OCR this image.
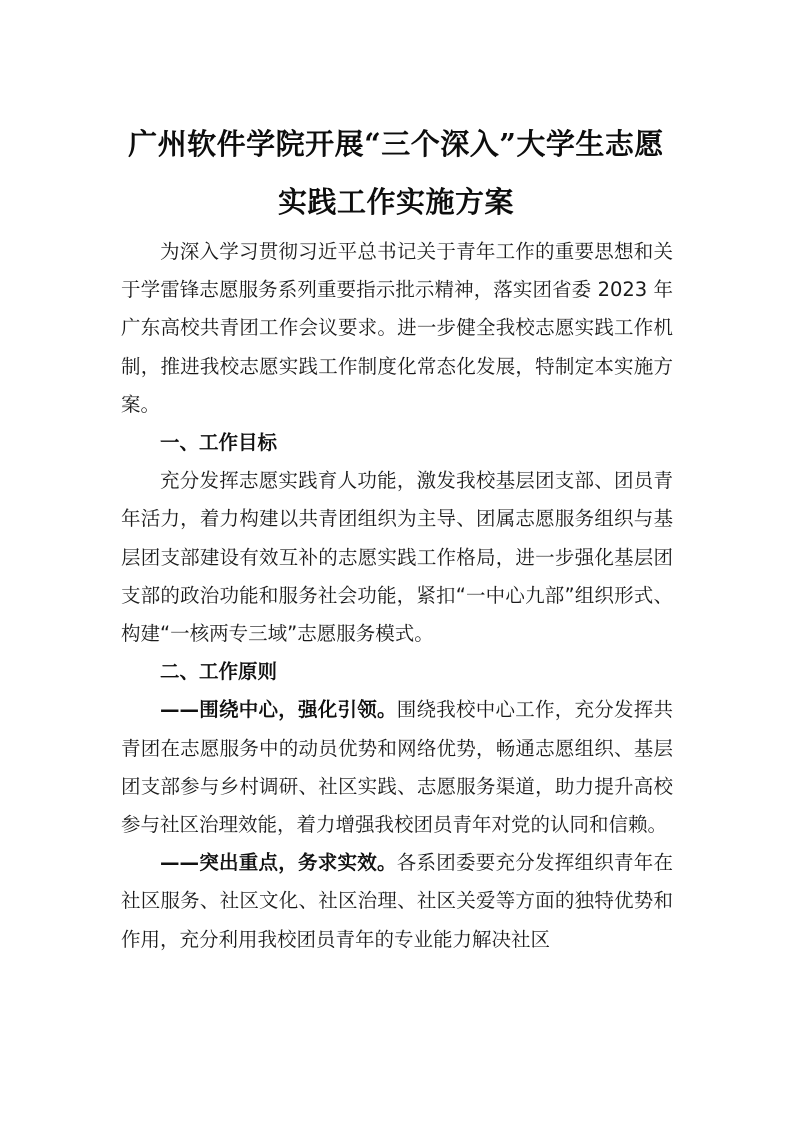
广州软件学院开展“三个深入”大学生志愿
实践工作实施方案

为深入学习贯彻习近平总书记关于青年工作的重要思想和关于学雷锋志愿服务系列重要指示批示精神，落实团省委 2023 年广东高校共青团工作会议要求。进一步健全我校志愿实践工作机制，推进我校志愿实践工作制度化常态化发展，特制定本实施方案。

一、工作目标

充分发挥志愿实践育人功能，激发我校基层团支部、团员青年活力，着力构建以共青团组织为主导、团属志愿服务组织与基层团支部建设有效互补的志愿实践工作格局，进一步强化基层团支部的政治功能和服务社会功能，紧扣“一中心九部”组织形式、构建“一核两专三域”志愿服务模式。

二、工作原则

——围绕中心，强化引领。围绕我校中心工作，充分发挥共青团在志愿服务中的动员优势和网络优势，畅通志愿组织、基层团支部参与乡村调研、社区实践、志愿服务渠道，助力提升高校参与社区治理效能，着力增强我校团员青年对党的认同和信赖。

——突出重点，务求实效。各系团委要充分发挥组织青年在社区服务、社区文化、社区治理、社区关爱等方面的独特优势和作用，充分利用我校团员青年的专业能力解决社区
